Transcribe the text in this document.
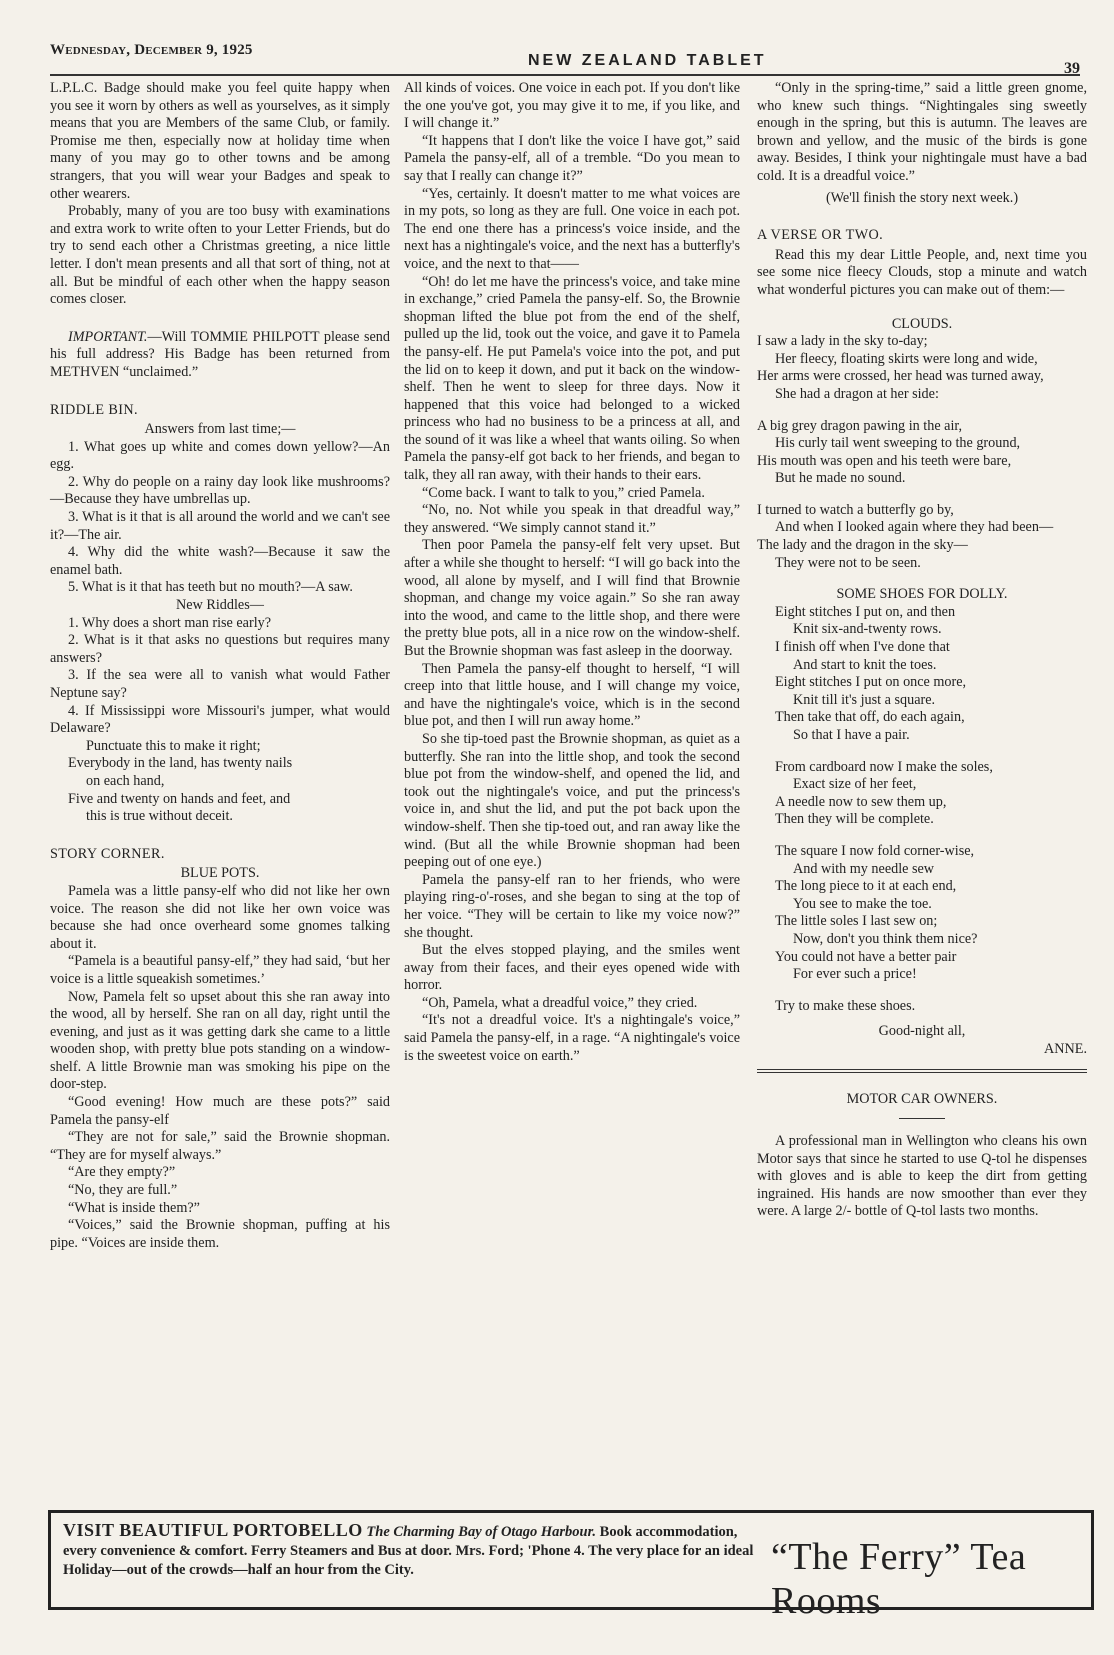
Wednesday, December 9, 1925
NEW ZEALAND TABLET	39

L.P.L.C. Badge should make you feel quite happy when you see it worn by others as well as yourselves, as it simply means that you are Members of the same Club, or family. Promise me then, especially now at holiday time when many of you may go to other towns and be among strangers, that you will wear your Badges and speak to other wearers.

Probably, many of you are too busy with examinations and extra work to write often to your Letter Friends, but do try to send each other a Christmas greeting, a nice little letter. I don't mean presents and all that sort of thing, not at all. But be mindful of each other when the happy season comes closer.

IMPORTANT.—Will TOMMIE PHILPOTT please send his full address? His Badge has been returned from METHVEN “unclaimed.”

RIDDLE BIN.

Answers from last time;—

1. What goes up white and comes down yellow?—An egg.

2. Why do people on a rainy day look like mushrooms?—Because they have umbrellas up.

3. What is it that is all around the world and we can't see it?—The air.

4. Why did the white wash?—Because it saw the enamel bath.

5. What is it that has teeth but no mouth?—A saw.

New Riddles—

1. Why does a short man rise early?

2. What is it that asks no questions but requires many answers?

3. If the sea were all to vanish what would Father Neptune say?

4. If Mississippi wore Missouri's jumper, what would Delaware?

Punctuate this to make it right;
Everybody in the land, has twenty nails
on each hand,
Five and twenty on hands and feet, and
this is true without deceit.
STORY CORNER.

BLUE POTS.

Pamela was a little pansy-elf who did not like her own voice. The reason she did not like her own voice was because she had once overheard some gnomes talking about it.

“Pamela is a beautiful pansy-elf,” they had said, ‘but her voice is a little squeakish sometimes.’

Now, Pamela felt so upset about this she ran away into the wood, all by herself. She ran on all day, right until the evening, and just as it was getting dark she came to a little wooden shop, with pretty blue pots standing on a window-shelf. A little Brownie man was smoking his pipe on the door-step.

“Good evening! How much are these pots?” said Pamela the pansy-elf

“They are not for sale,” said the Brownie shopman. “They are for myself always.”

“Are they empty?”

“No, they are full.”

“What is inside them?”

“Voices,” said the Brownie shopman, puffing at his pipe. “Voices are inside them.

All kinds of voices. One voice in each pot. If you don't like the one you've got, you may give it to me, if you like, and I will change it.”

“It happens that I don't like the voice I have got,” said Pamela the pansy-elf, all of a tremble. “Do you mean to say that I really can change it?”

“Yes, certainly. It doesn't matter to me what voices are in my pots, so long as they are full. One voice in each pot. The end one there has a princess's voice inside, and the next has a nightingale's voice, and the next has a butterfly's voice, and the next to that——

“Oh! do let me have the princess's voice, and take mine in exchange,” cried Pamela the pansy-elf. So, the Brownie shopman lifted the blue pot from the end of the shelf, pulled up the lid, took out the voice, and gave it to Pamela the pansy-elf. He put Pamela's voice into the pot, and put the lid on to keep it down, and put it back on the window-shelf. Then he went to sleep for three days. Now it happened that this voice had belonged to a wicked princess who had no business to be a princess at all, and the sound of it was like a wheel that wants oiling. So when Pamela the pansy-elf got back to her friends, and began to talk, they all ran away, with their hands to their ears.

“Come back. I want to talk to you,” cried Pamela.

“No, no. Not while you speak in that dreadful way,” they answered. “We simply cannot stand it.”

Then poor Pamela the pansy-elf felt very upset. But after a while she thought to herself: “I will go back into the wood, all alone by myself, and I will find that Brownie shopman, and change my voice again.” So she ran away into the wood, and came to the little shop, and there were the pretty blue pots, all in a nice row on the window-shelf. But the Brownie shopman was fast asleep in the doorway.

Then Pamela the pansy-elf thought to herself, “I will creep into that little house, and I will change my voice, and have the nightingale's voice, which is in the second blue pot, and then I will run away home.”

So she tip-toed past the Brownie shopman, as quiet as a butterfly. She ran into the little shop, and took the second blue pot from the window-shelf, and opened the lid, and took out the nightingale's voice, and put the princess's voice in, and shut the lid, and put the pot back upon the window-shelf. Then she tip-toed out, and ran away like the wind. (But all the while Brownie shopman had been peeping out of one eye.)

Pamela the pansy-elf ran to her friends, who were playing ring-o'-roses, and she began to sing at the top of her voice. “They will be certain to like my voice now?” she thought.

But the elves stopped playing, and the smiles went away from their faces, and their eyes opened wide with horror.

“Oh, Pamela, what a dreadful voice,” they cried.

“It's not a dreadful voice. It's a nightingale's voice,” said Pamela the pansy-elf, in a rage. “A nightingale's voice is the sweetest voice on earth.”

“Only in the spring-time,” said a little green gnome, who knew such things. “Nightingales sing sweetly enough in the spring, but this is autumn. The leaves are brown and yellow, and the music of the birds is gone away. Besides, I think your nightingale must have a bad cold. It is a dreadful voice.”

(We'll finish the story next week.)

A VERSE OR TWO.

Read this my dear Little People, and, next time you see some nice fleecy Clouds, stop a minute and watch what wonderful pictures you can make out of them:—

CLOUDS.

I saw a lady in the sky to-day;
Her fleecy, floating skirts were long and wide,
Her arms were crossed, her head was turned away,
She had a dragon at her side:
A big grey dragon pawing in the air,
His curly tail went sweeping to the ground,
His mouth was open and his teeth were bare,
But he made no sound.
I turned to watch a butterfly go by,
And when I looked again where they had been—
The lady and the dragon in the sky—
They were not to be seen.

SOME SHOES FOR DOLLY.

Eight stitches I put on, and then
Knit six-and-twenty rows.
I finish off when I've done that
And start to knit the toes.
Eight stitches I put on once more,
Knit till it's just a square.
Then take that off, do each again,
So that I have a pair.
From cardboard now I make the soles,
Exact size of her feet,
A needle now to sew them up,
Then they will be complete.
The square I now fold corner-wise,
And with my needle sew
The long piece to it at each end,
You see to make the toe.
The little soles I last sew on;
Now, don't you think them nice?
You could not have a better pair
For ever such a price!

Try to make these shoes.

Good-night all,

ANNE.

MOTOR CAR OWNERS.

A professional man in Wellington who cleans his own Motor says that since he started to use Q-tol he dispenses with gloves and is able to keep the dirt from getting ingrained. His hands are now smoother than ever they were. A large 2/- bottle of Q-tol lasts two months.

VISIT BEAUTIFUL PORTOBELLO The Charming Bay of Otago Harbour. Book accommodation, every convenience & comfort. Ferry Steamers and Bus at door. Mrs. Ford; 'Phone 4. The very place for an ideal Holiday—out of the crowds—half an hour from the City.	“The Ferry” Tea Rooms
